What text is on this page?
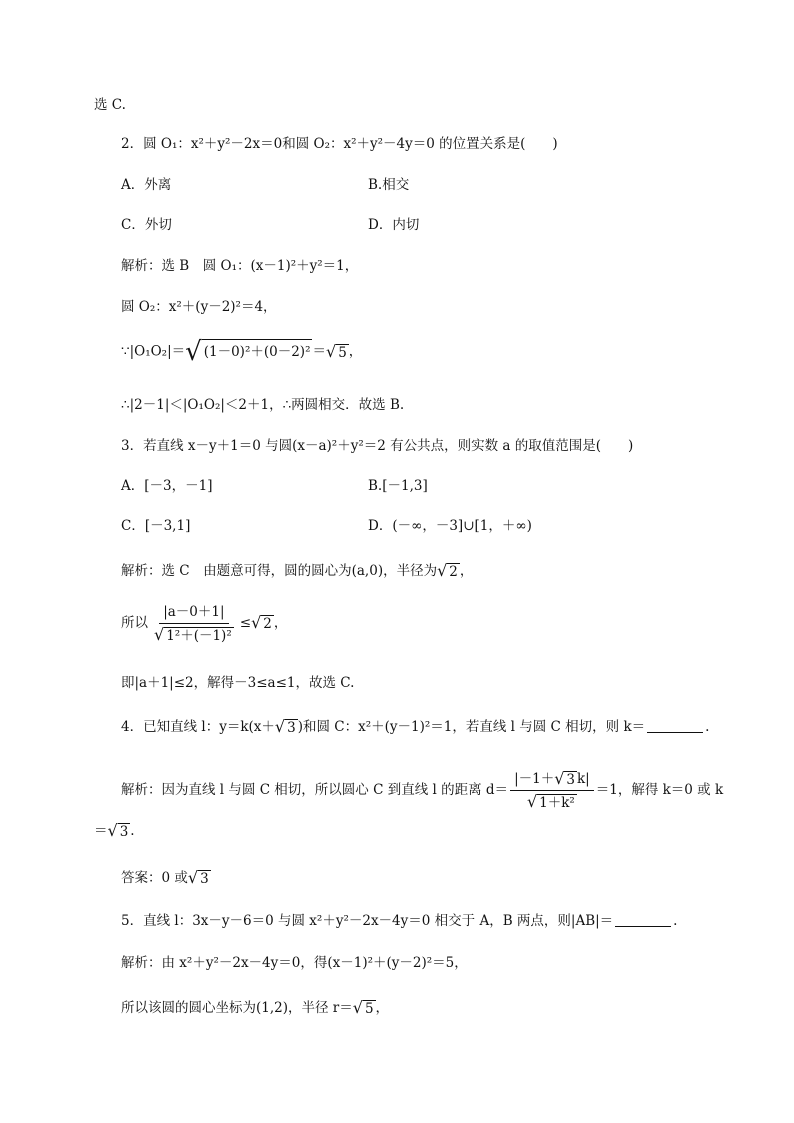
选 C.
2．圆 O₁：x²＋y²－2x＝0和圆 O₂：x²＋y²－4y＝0 的位置关系是(　　)
A．外离	B.相交
C．外切	D．内切
解析：选 B　圆 O₁：(x－1)²＋y²＝1，
圆 O₂：x²＋(y－2)²＝4，
∵|O₁O₂|＝ √ (1－0)²＋(0－2)² ＝ √ 5 ，
∴|2－1|＜|O₁O₂|＜2＋1，∴两圆相交．故选 B.
3．若直线 x－y＋1＝0 与圆(x－a)²＋y²＝2 有公共点，则实数 a 的取值范围是(　　)
A．[－3，－1]	B.[－1,3]
C．[－3,1]	D．(－∞，－3]∪[1，＋∞)
解析：选 C　由题意可得，圆的圆心为(a,0)，半径为 √ 2 ，
所以 $\frac{|a-0+1|}{\text{√ 1²＋(－1)²}}$ ≤ √ 2 ，
即|a＋1|≤2，解得－3≤a≤1，故选 C.
4．已知直线 l：y＝k(x＋ √ 3 )和圆 C：x²＋(y－1)²＝1，若直线 l 与圆 C 相切，则 k＝	.
解析：因为直线 l 与圆 C 相切，所以圆心 C 到直线 l 的距离 $d= \frac{|-1+ √ 3 k|}{\text{√ 1＋k²}} =1$，解得 k＝0 或 k
＝ √ 3 .
答案：0 或 √ 3
5．直线 l：3x－y－6＝0 与圆 x²＋y²－2x－4y＝0 相交于 A，B 两点，则|AB|＝	.
解析：由 x²＋y²－2x－4y＝0，得(x－1)²＋(y－2)²＝5，
所以该圆的圆心坐标为(1,2)，半径 r＝ √ 5 ，
